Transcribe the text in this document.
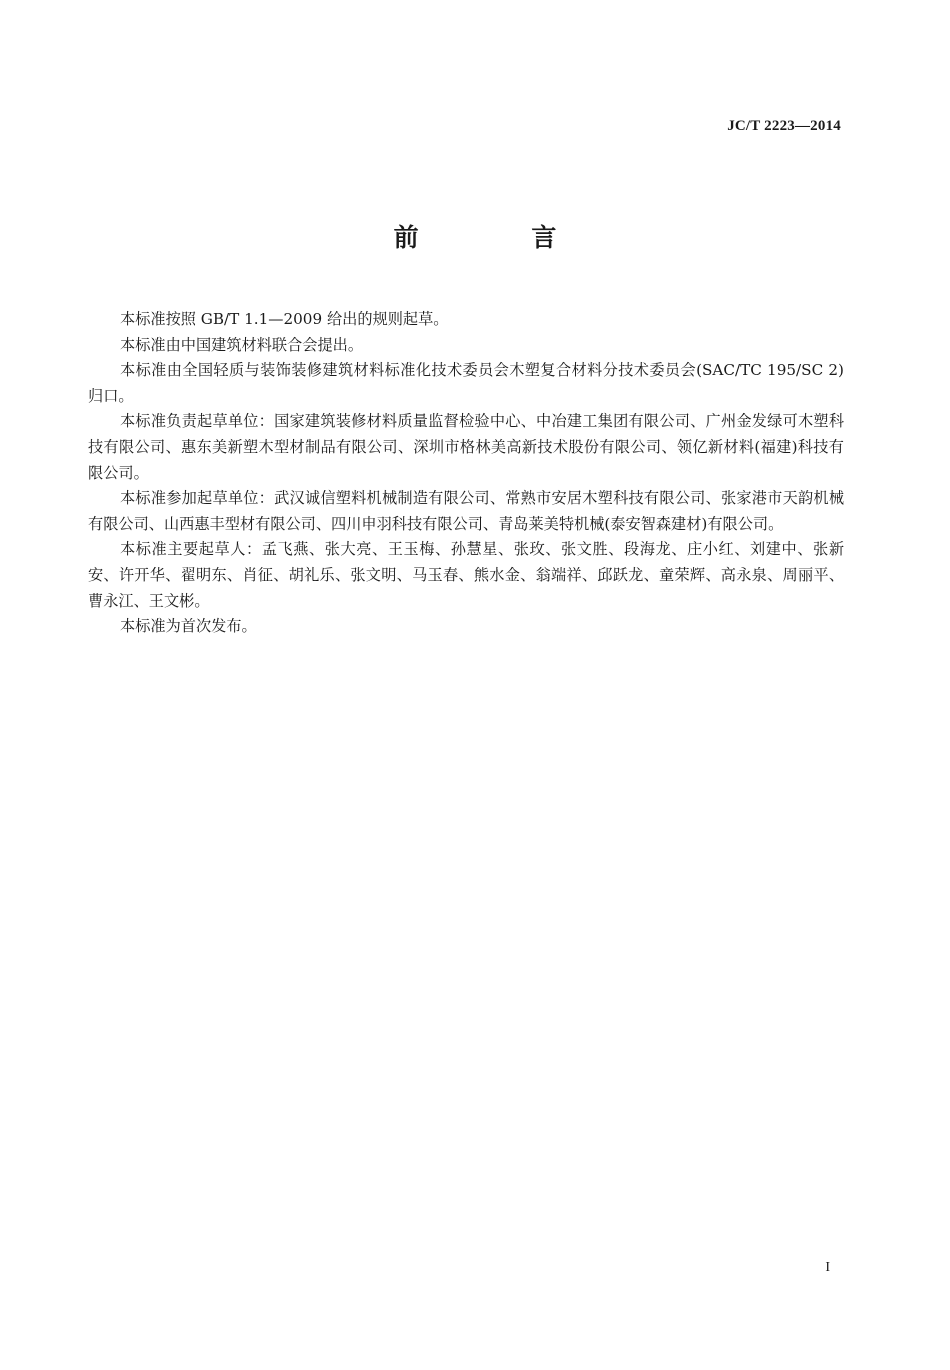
JC/T 2223—2014
前 言

本标准按照 GB/T 1.1—2009 给出的规则起草。

本标准由中国建筑材料联合会提出。

本标准由全国轻质与装饰装修建筑材料标准化技术委员会木塑复合材料分技术委员会(SAC/TC 195/SC 2)归口。

本标准负责起草单位：国家建筑装修材料质量监督检验中心、中冶建工集团有限公司、广州金发绿可木塑科技有限公司、惠东美新塑木型材制品有限公司、深圳市格林美高新技术股份有限公司、领亿新材料(福建)科技有限公司。

本标准参加起草单位：武汉诚信塑料机械制造有限公司、常熟市安居木塑科技有限公司、张家港市天韵机械有限公司、山西惠丰型材有限公司、四川申羽科技有限公司、青岛莱美特机械(泰安智森建材)有限公司。

本标准主要起草人：孟飞燕、张大亮、王玉梅、孙慧星、张玫、张文胜、段海龙、庄小红、刘建中、张新安、许开华、翟明东、肖征、胡礼乐、张文明、马玉春、熊水金、翁端祥、邱跃龙、童荣辉、高永泉、周丽平、曹永江、王文彬。

本标准为首次发布。

I
